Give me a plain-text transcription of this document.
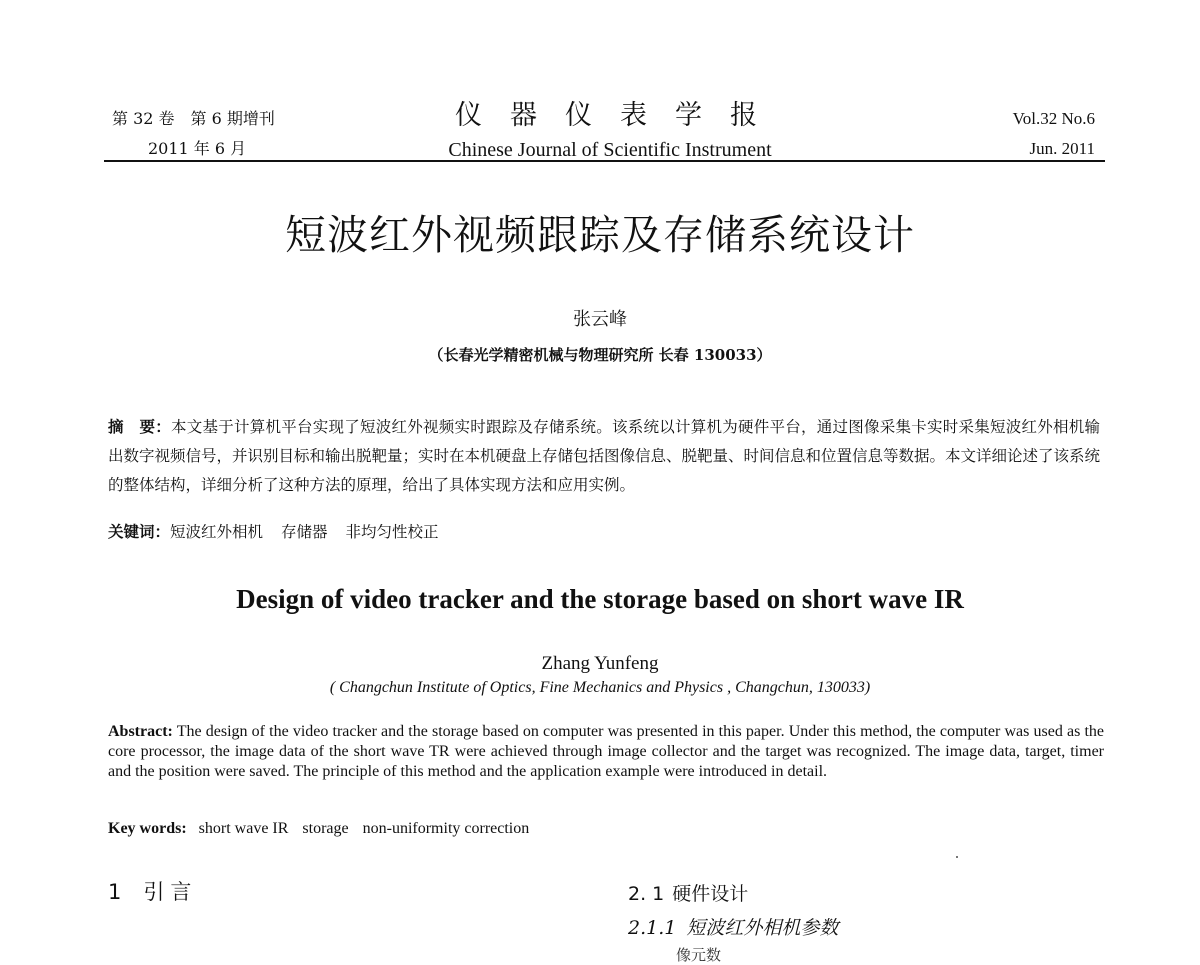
第 32 卷　第 6 期增刊
2011 年 6 月
仪器仪表学报
Chinese Journal of Scientific Instrument
Vol.32 No.6
Jun. 2011
短波红外视频跟踪及存储系统设计
张云峰
（长春光学精密机械与物理研究所 长春 130033）
摘　要：本文基于计算机平台实现了短波红外视频实时跟踪及存储系统。该系统以计算机为硬件平台，通过图像采集卡实时采集短波红外相机输出数字视频信号，并识别目标和输出脱靶量；实时在本机硬盘上存储包括图像信息、脱靶量、时间信息和位置信息等数据。本文详细论述了该系统的整体结构，详细分析了这种方法的原理，给出了具体实现方法和应用实例。
关键词：短波红外相机 存储器 非均匀性校正
Design of video tracker and the storage based on short wave IR
Zhang Yunfeng
( Changchun Institute of Optics, Fine Mechanics and Physics , Changchun, 130033)
Abstract: The design of the video tracker and the storage based on computer was presented in this paper. Under this method, the computer was used as the core processor, the image data of the short wave TR were achieved through image collector and the target was recognized. The image data, target, timer and the position were saved. The principle of this method and the application example were introduced in detail.
Key words: short wave IR storage non-uniformity correction
1 引言	2. 1 硬件设计
2.1.1 短波红外相机参数
像元数
